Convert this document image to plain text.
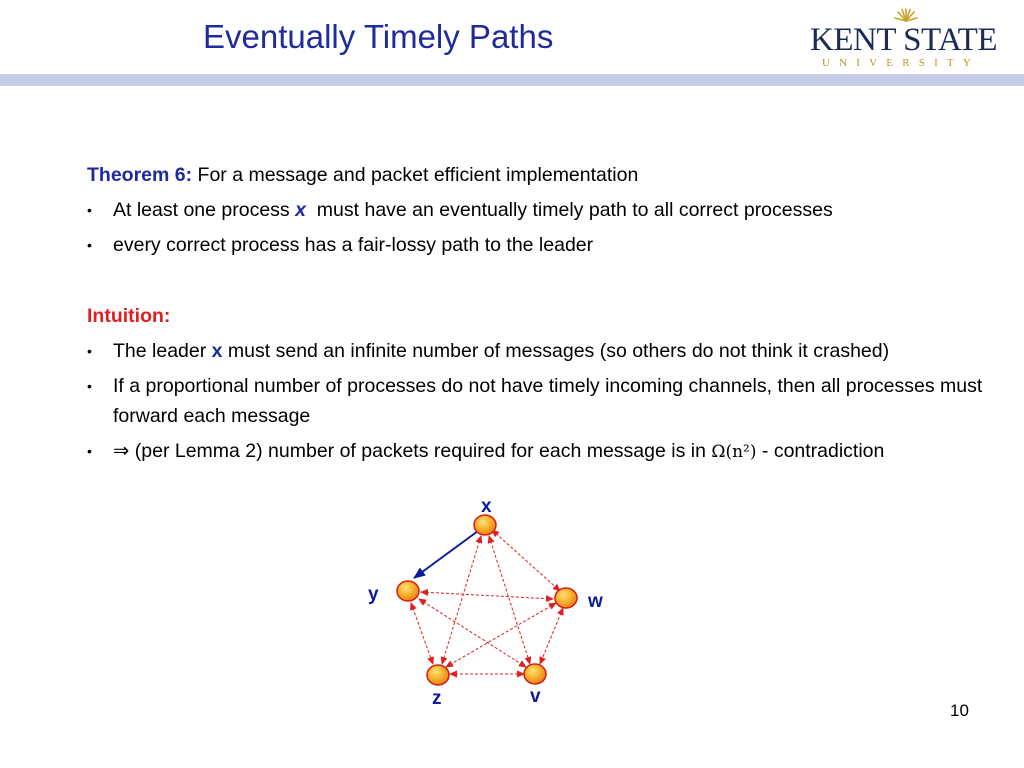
Eventually Timely Paths	KENT STATE
UNIVERSITY
Theorem 6: For a message and packet efficient implementation
• At least one process x  must have an eventually timely path to all correct processes
• every correct process has a fair-lossy path to the leader
Intuition:
• The leader x must send an infinite number of messages (so others do not think it crashed)
• If a proportional number of processes do not have timely incoming channels, then all processes must forward each message
• ⇒ (per Lemma 2) number of packets required for each message is in Ω(n²) - contradiction
x
y	w
z	v
10
